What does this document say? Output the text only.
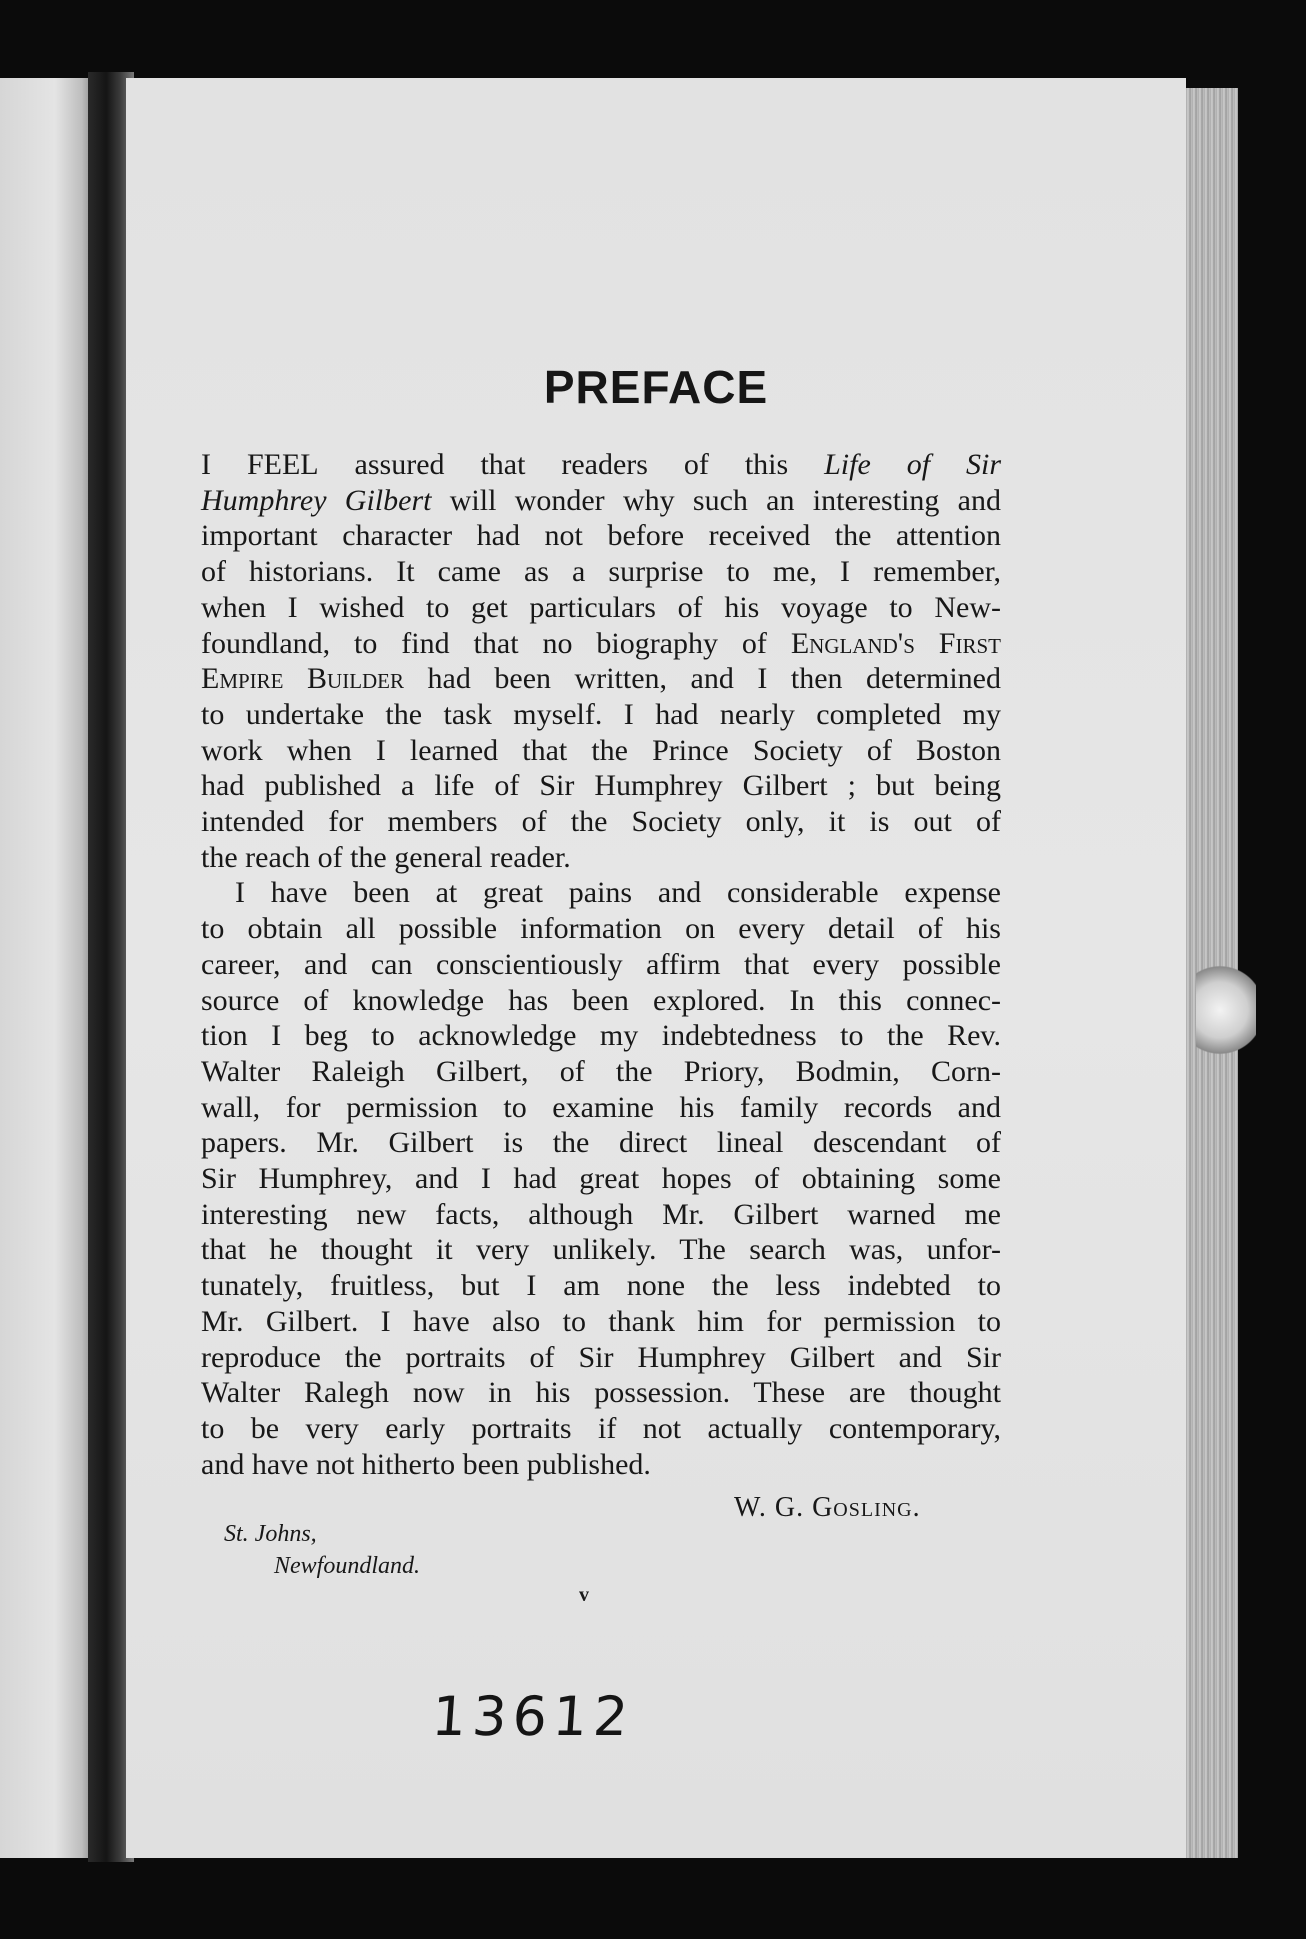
PREFACE

I FEEL assured that readers of this Life of Sir
Humphrey Gilbert will wonder why such an interesting and
important character had not before received the attention
of historians. It came as a surprise to me, I remember,
when I wished to get particulars of his voyage to New-
foundland, to find that no biography of England's First
Empire Builder had been written, and I then determined
to undertake the task myself. I had nearly completed my
work when I learned that the Prince Society of Boston
had published a life of Sir Humphrey Gilbert ; but being
intended for members of the Society only, it is out of
the reach of the general reader.

I have been at great pains and considerable expense
to obtain all possible information on every detail of his
career, and can conscientiously affirm that every possible
source of knowledge has been explored. In this connec-
tion I beg to acknowledge my indebtedness to the Rev.
Walter Raleigh Gilbert, of the Priory, Bodmin, Corn-
wall, for permission to examine his family records and
papers. Mr. Gilbert is the direct lineal descendant of
Sir Humphrey, and I had great hopes of obtaining some
interesting new facts, although Mr. Gilbert warned me
that he thought it very unlikely. The search was, unfor-
tunately, fruitless, but I am none the less indebted to
Mr. Gilbert. I have also to thank him for permission to
reproduce the portraits of Sir Humphrey Gilbert and Sir
Walter Ralegh now in his possession. These are thought
to be very early portraits if not actually contemporary,
and have not hitherto been published.

W. G. Gosling.
St. Johns,
Newfoundland.
v
13612
